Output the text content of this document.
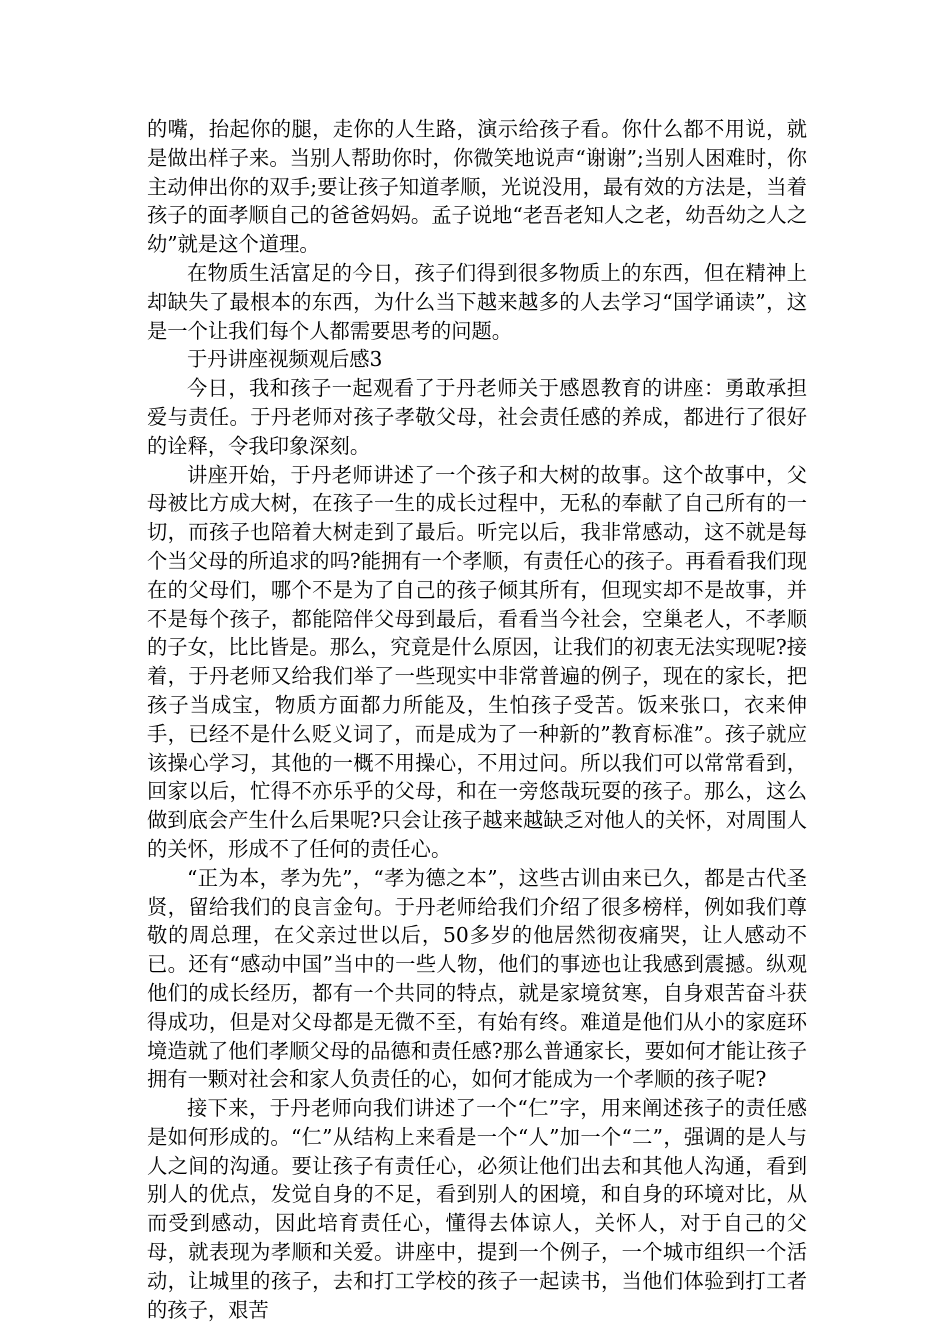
的嘴，抬起你的腿，走你的人生路，演示给孩子看。你什么都不用说，就是做出样子来。当别人帮助你时，你微笑地说声“谢谢”;当别人困难时，你主动伸出你的双手;要让孩子知道孝顺，光说没用，最有效的方法是，当着孩子的面孝顺自己的爸爸妈妈。孟子说地“老吾老知人之老，幼吾幼之人之幼”就是这个道理。

在物质生活富足的今日，孩子们得到很多物质上的东西，但在精神上却缺失了最根本的东西，为什么当下越来越多的人去学习“国学诵读”，这是一个让我们每个人都需要思考的问题。

于丹讲座视频观后感3

今日，我和孩子一起观看了于丹老师关于感恩教育的讲座：勇敢承担爱与责任。于丹老师对孩子孝敬父母，社会责任感的养成，都进行了很好的诠释，令我印象深刻。

讲座开始，于丹老师讲述了一个孩子和大树的故事。这个故事中，父母被比方成大树，在孩子一生的成长过程中，无私的奉献了自己所有的一切，而孩子也陪着大树走到了最后。听完以后，我非常感动，这不就是每个当父母的所追求的吗?能拥有一个孝顺，有责任心的孩子。再看看我们现在的父母们，哪个不是为了自己的孩子倾其所有，但现实却不是故事，并不是每个孩子，都能陪伴父母到最后，看看当今社会，空巢老人，不孝顺的子女，比比皆是。那么，究竟是什么原因，让我们的初衷无法实现呢?接着，于丹老师又给我们举了一些现实中非常普遍的例子，现在的家长，把孩子当成宝，物质方面都力所能及，生怕孩子受苦。饭来张口，衣来伸手，已经不是什么贬义词了，而是成为了一种新的”教育标准”。孩子就应该操心学习，其他的一概不用操心，不用过问。所以我们可以常常看到，回家以后，忙得不亦乐乎的父母，和在一旁悠哉玩耍的孩子。那么，这么做到底会产生什么后果呢?只会让孩子越来越缺乏对他人的关怀，对周围人的关怀，形成不了任何的责任心。

“正为本，孝为先”，“孝为德之本”，这些古训由来已久，都是古代圣贤，留给我们的良言金句。于丹老师给我们介绍了很多榜样，例如我们尊敬的周总理，在父亲过世以后，50多岁的他居然彻夜痛哭，让人感动不已。还有“感动中国”当中的一些人物，他们的事迹也让我感到震撼。纵观他们的成长经历，都有一个共同的特点，就是家境贫寒，自身艰苦奋斗获得成功，但是对父母都是无微不至，有始有终。难道是他们从小的家庭环境造就了他们孝顺父母的品德和责任感?那么普通家长，要如何才能让孩子拥有一颗对社会和家人负责任的心，如何才能成为一个孝顺的孩子呢?

接下来，于丹老师向我们讲述了一个“仁”字，用来阐述孩子的责任感是如何形成的。“仁”从结构上来看是一个“人”加一个“二”，强调的是人与人之间的沟通。要让孩子有责任心，必须让他们出去和其他人沟通，看到别人的优点，发觉自身的不足，看到别人的困境，和自身的环境对比，从而受到感动，因此培育责任心，懂得去体谅人，关怀人，对于自己的父母，就表现为孝顺和关爱。讲座中，提到一个例子，一个城市组织一个活动，让城里的孩子，去和打工学校的孩子一起读书，当他们体验到打工者的孩子，艰苦
